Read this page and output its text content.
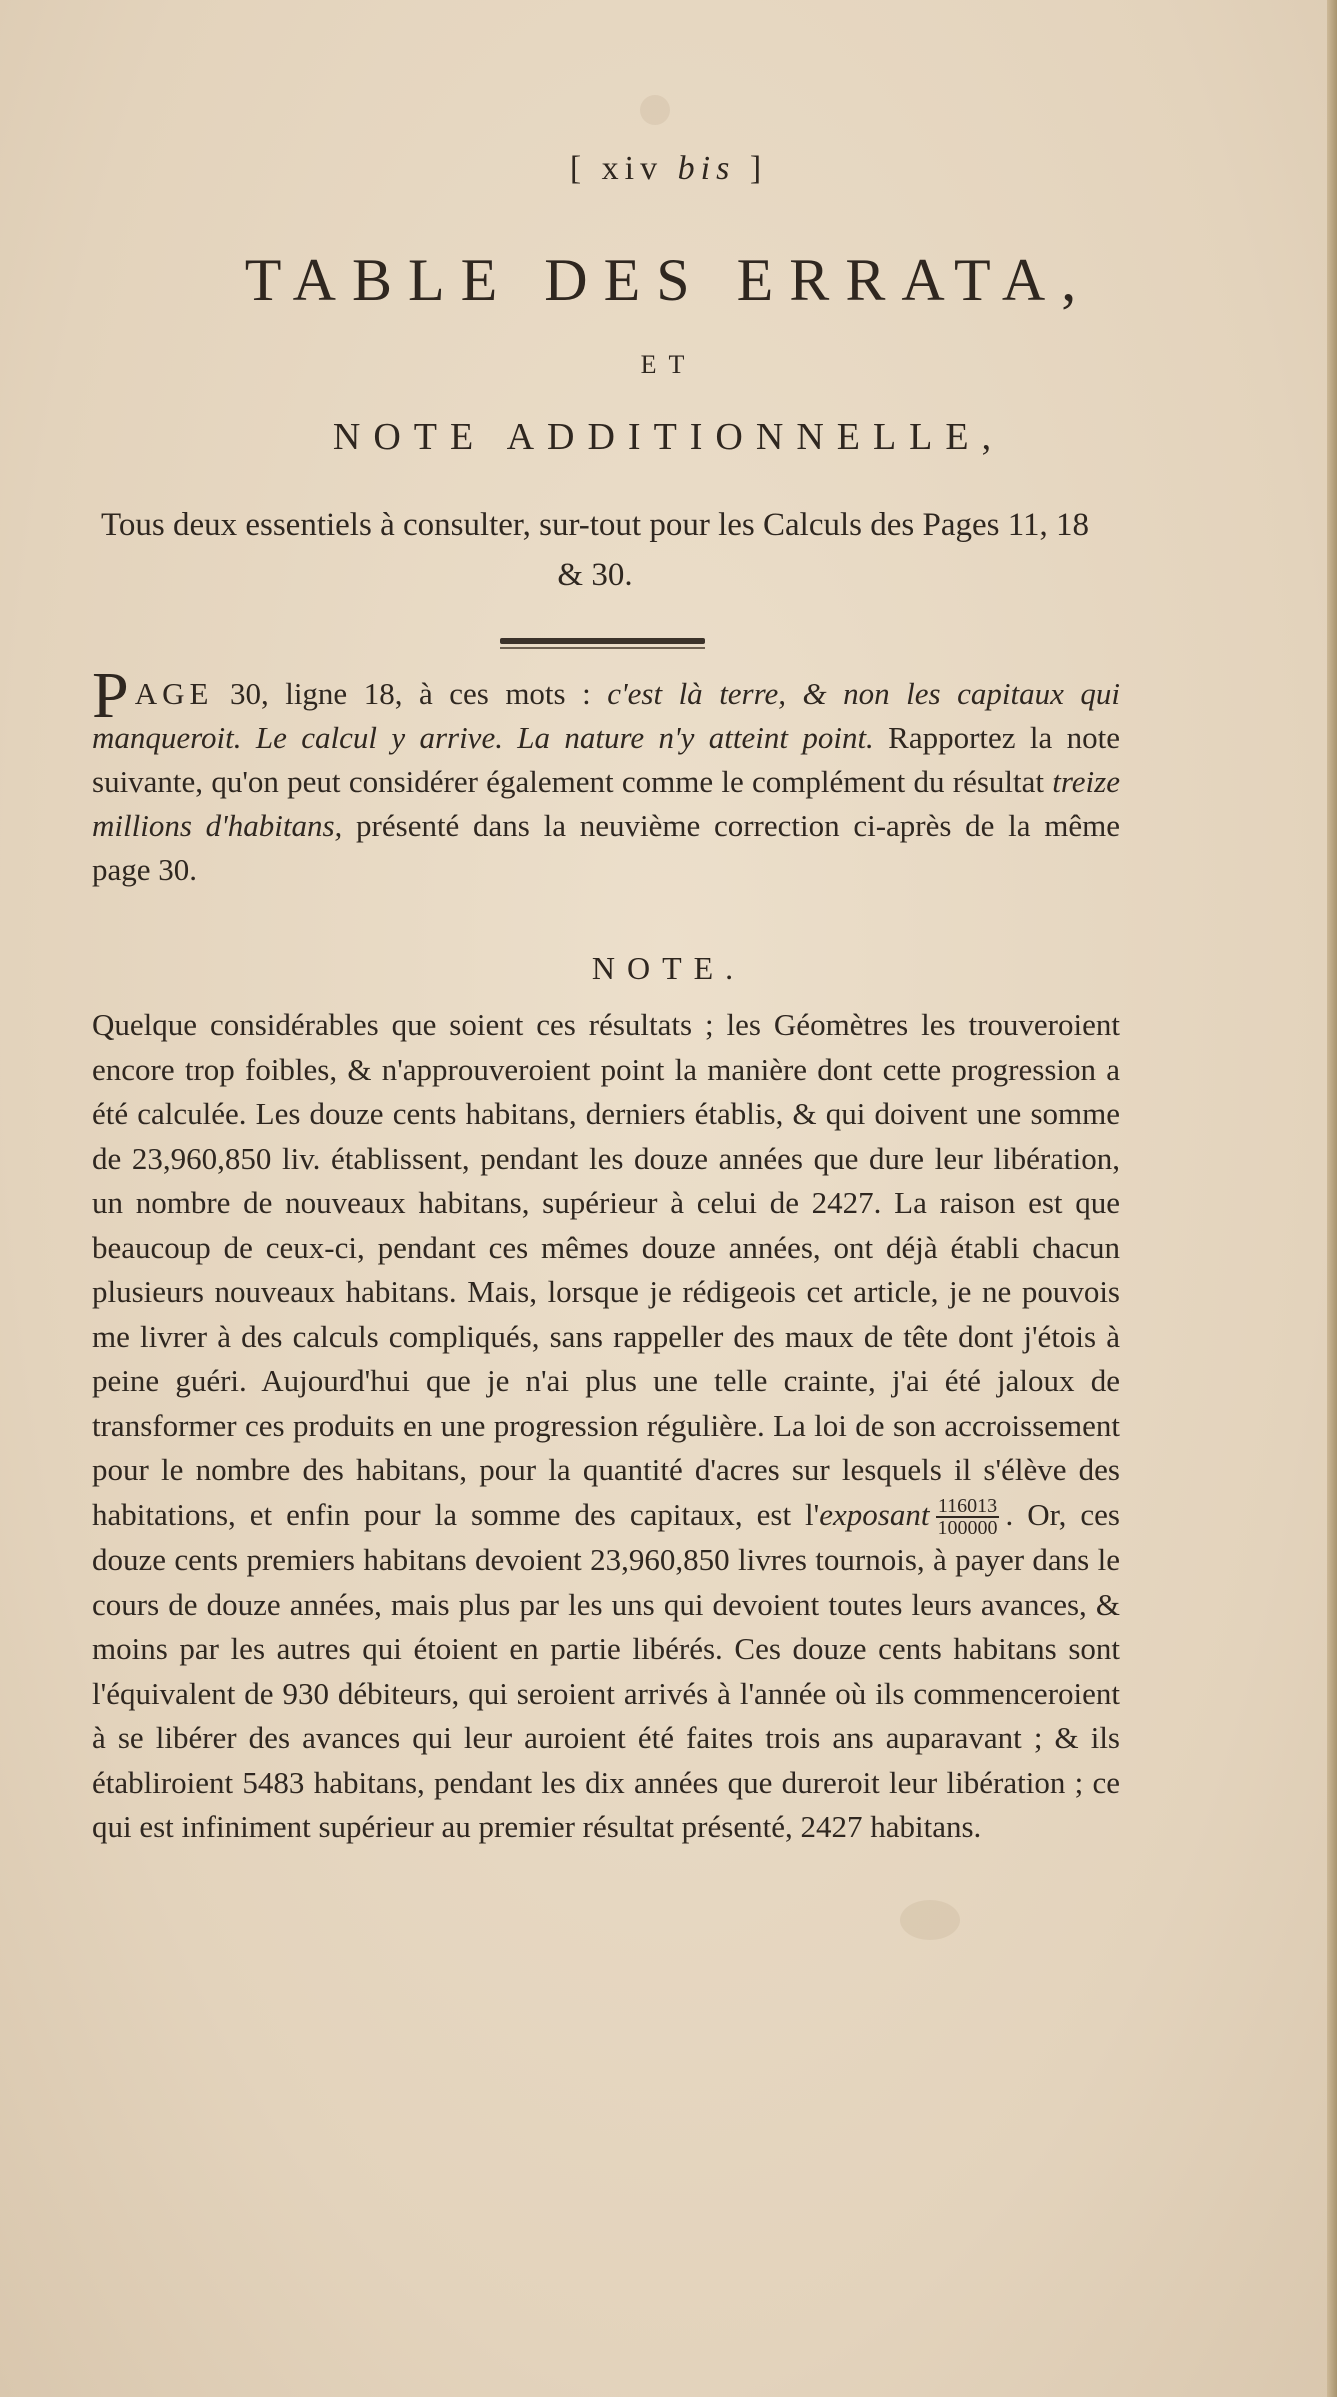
[ xiv bis ]
TABLE DES ERRATA,
ET
NOTE ADDITIONNELLE,
Tous deux essentiels à consulter, sur-tout pour les Calculs des Pages 11, 18 & 30.
PAGE 30, ligne 18, à ces mots : c'est là terre, & non les capitaux qui manqueroit. Le calcul y arrive. La nature n'y atteint point. Rapportez la note suivante, qu'on peut considérer également comme le complément du résultat treize millions d'habitans, présenté dans la neuvième correction ci-après de la même page 30.
NOTE.
Quelque considérables que soient ces résultats ; les Géomètres les trouveroient encore trop foibles, & n'approuveroient point la manière dont cette progression a été calculée. Les douze cents habitans, derniers établis, & qui doivent une somme de 23,960,850 liv. établissent, pendant les douze années que dure leur libération, un nombre de nouveaux habitans, supérieur à celui de 2427. La raison est que beaucoup de ceux-ci, pendant ces mêmes douze années, ont déjà établi chacun plusieurs nouveaux habitans. Mais, lorsque je rédigeois cet article, je ne pouvois me livrer à des calculs compliqués, sans rappeller des maux de tête dont j'étois à peine guéri. Aujourd'hui que je n'ai plus une telle crainte, j'ai été jaloux de transformer ces produits en une progression régulière. La loi de son accroissement pour le nombre des habitans, pour la quantité d'acres sur lesquels il s'élève des habitations, et enfin pour la somme des capitaux, est l'exposant $\frac{116013}{100000}$ . Or, ces douze cents premiers habitans devoient 23,960,850 livres tournois, à payer dans le cours de douze années, mais plus par les uns qui devoient toutes leurs avances, & moins par les autres qui étoient en partie libérés. Ces douze cents habitans sont l'équivalent de 930 débiteurs, qui seroient arrivés à l'année où ils commenceroient à se libérer des avances qui leur auroient été faites trois ans auparavant ; & ils établiroient 5483 habitans, pendant les dix années que dureroit leur libération ; ce qui est infiniment supérieur au premier résultat présenté, 2427 habitans.
